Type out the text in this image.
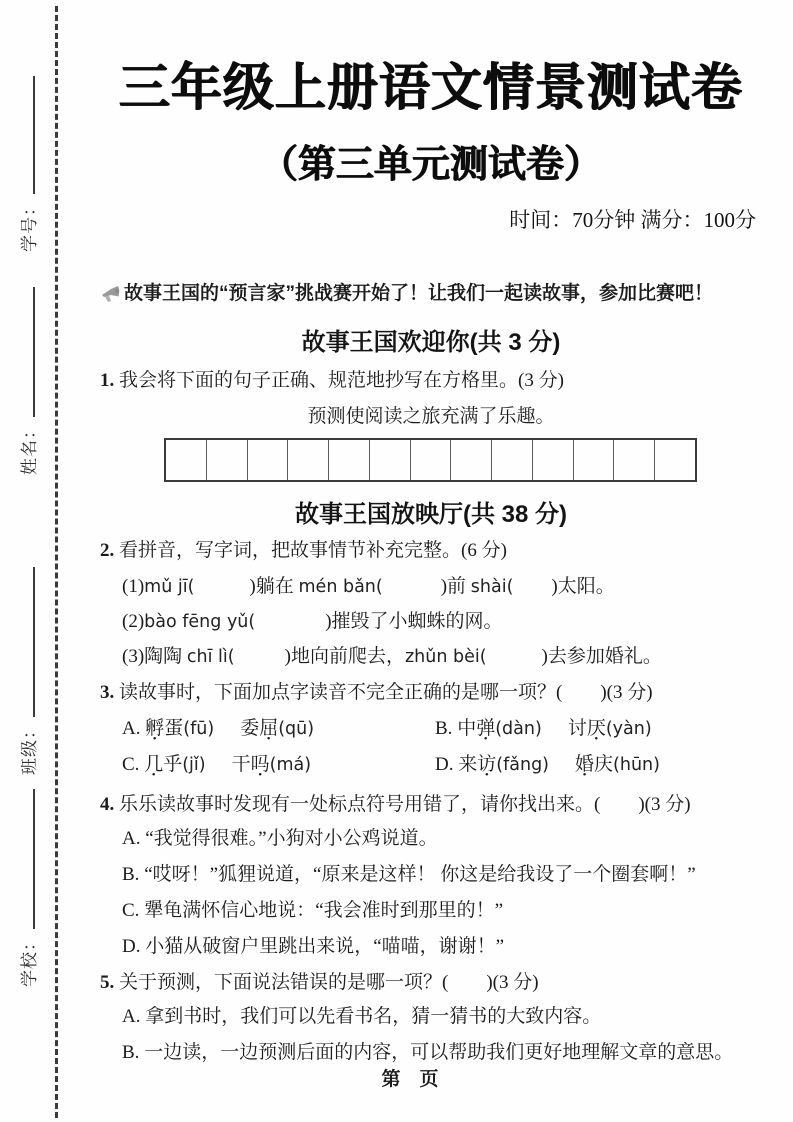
学号：
姓名：
班级：
学校：
三年级上册语文情景测试卷
（第三单元测试卷）
时间：70分钟 满分：100分
故事王国的“预言家”挑战赛开始了！让我们一起读故事，参加比赛吧！
故事王国欢迎你(共 3 分)
1. 我会将下面的句子正确、规范地抄写在方格里。(3 分)
预测使阅读之旅充满了乐趣。
故事王国放映厅(共 38 分)
2. 看拼音，写字词，把故事情节补充完整。(6 分)
(1)mǔ jī(	)躺在 mén bǎn(	)前 shài( )太阳。
(2)bào fēng yǔ(	)摧毁了小蜘蛛的网。
(3)陶陶 chī lì(	)地向前爬去，zhǔn bèi(	)去参加婚礼。
3. 读故事时，下面加点字读音不完全正确的是哪一项？(　　)(3 分)
A. 孵蛋(fū) 委屈(qū)	B. 中弹(dàn) 讨厌(yàn)
C. 几乎(jǐ) 干吗(má)	D. 来访(fǎng) 婚庆(hūn)
4. 乐乐读故事时发现有一处标点符号用错了，请你找出来。(　　)(3 分)
A. “我觉得很难。”小狗对小公鸡说道。
B. “哎呀！”狐狸说道，“原来是这样！ 你这是给我设了一个圈套啊！”
C. 犟龟满怀信心地说：“我会准时到那里的！”
D. 小猫从破窗户里跳出来说，“喵喵，谢谢！”
5. 关于预测，下面说法错误的是哪一项？(　　)(3 分)
A. 拿到书时，我们可以先看书名，猜一猜书的大致内容。
B. 一边读，一边预测后面的内容，可以帮助我们更好地理解文章的意思。
第　页
